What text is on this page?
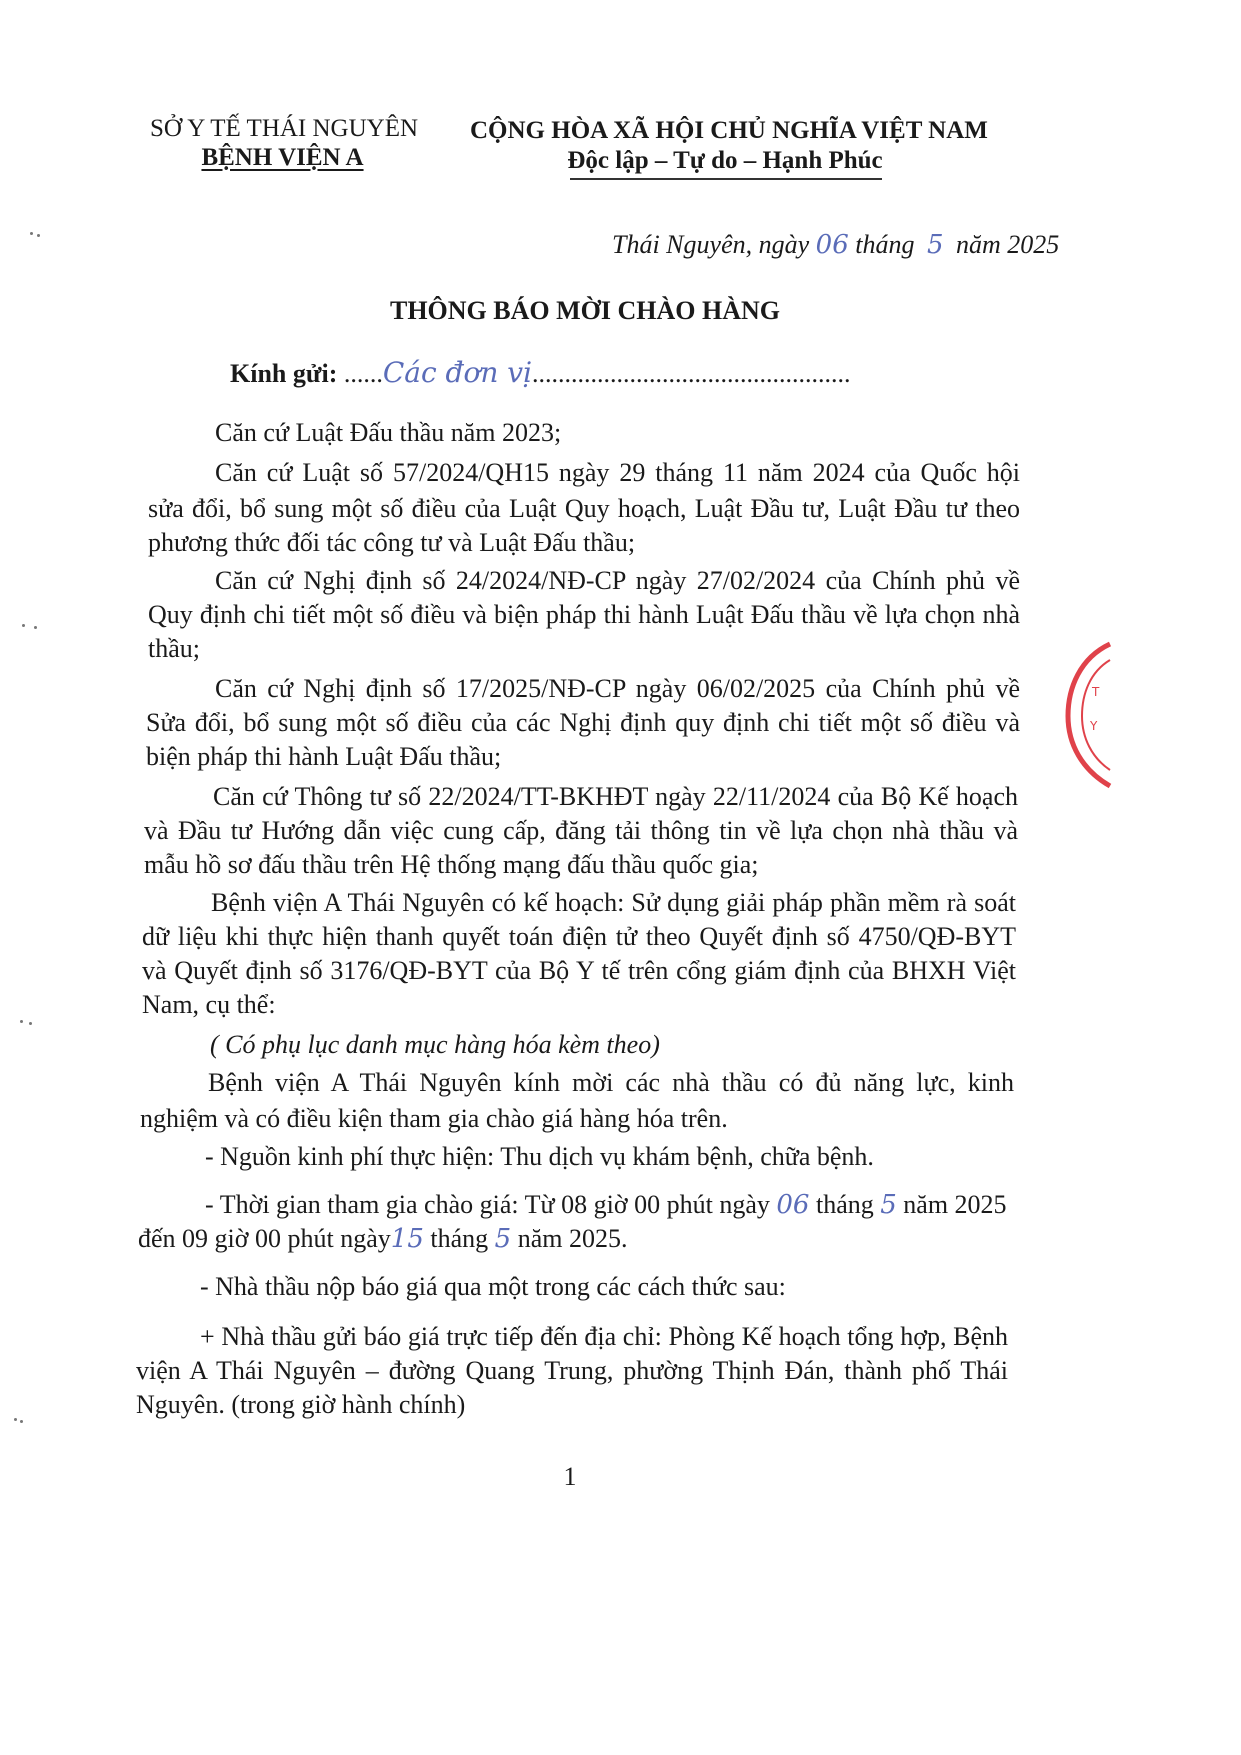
SỞ Y TẾ THÁI NGUYÊN
BỆNH VIỆN A
CỘNG HÒA XÃ HỘI CHỦ NGHĨA VIỆT NAM
Độc lập – Tự do – Hạnh Phúc
Thái Nguyên, ngày 06 tháng 5 năm 2025
THÔNG BÁO MỜI CHÀO HÀNG
Kính gửi: ......Các đơn vị.................................................
Căn cứ Luật Đấu thầu năm 2023;
Căn cứ Luật số 57/2024/QH15 ngày 29 tháng 11 năm 2024 của Quốc hội
sửa đổi, bổ sung một số điều của Luật Quy hoạch, Luật Đầu tư, Luật Đầu tư theo
phương thức đối tác công tư và Luật Đấu thầu;
Căn cứ Nghị định số 24/2024/NĐ-CP ngày 27/02/2024 của Chính phủ về
Quy định chi tiết một số điều và biện pháp thi hành Luật Đấu thầu về lựa chọn nhà
thầu;
Căn cứ Nghị định số 17/2025/NĐ-CP ngày 06/02/2025 của Chính phủ về
Sửa đổi, bổ sung một số điều của các Nghị định quy định chi tiết một số điều và
biện pháp thi hành Luật Đấu thầu;
Căn cứ Thông tư số 22/2024/TT-BKHĐT ngày 22/11/2024 của Bộ Kế hoạch
và Đầu tư Hướng dẫn việc cung cấp, đăng tải thông tin về lựa chọn nhà thầu và
mẫu hồ sơ đấu thầu trên Hệ thống mạng đấu thầu quốc gia;
Bệnh viện A Thái Nguyên có kế hoạch: Sử dụng giải pháp phần mềm rà soát
dữ liệu khi thực hiện thanh quyết toán điện tử theo Quyết định số 4750/QĐ-BYT
và Quyết định số 3176/QĐ-BYT của Bộ Y tế trên cổng giám định của BHXH Việt
Nam, cụ thể:
( Có phụ lục danh mục hàng hóa kèm theo)
Bệnh viện A Thái Nguyên kính mời các nhà thầu có đủ năng lực, kinh
nghiệm và có điều kiện tham gia chào giá hàng hóa trên.
- Nguồn kinh phí thực hiện: Thu dịch vụ khám bệnh, chữa bệnh.
- Thời gian tham gia chào giá: Từ 08 giờ 00 phút ngày 06 tháng 5 năm 2025
đến 09 giờ 00 phút ngày15 tháng 5 năm 2025.
- Nhà thầu nộp báo giá qua một trong các cách thức sau:
+ Nhà thầu gửi báo giá trực tiếp đến địa chỉ: Phòng Kế hoạch tổng hợp, Bệnh
viện A Thái Nguyên – đường Quang Trung, phường Thịnh Đán, thành phố Thái
Nguyên. (trong giờ hành chính)
1
T
Y
